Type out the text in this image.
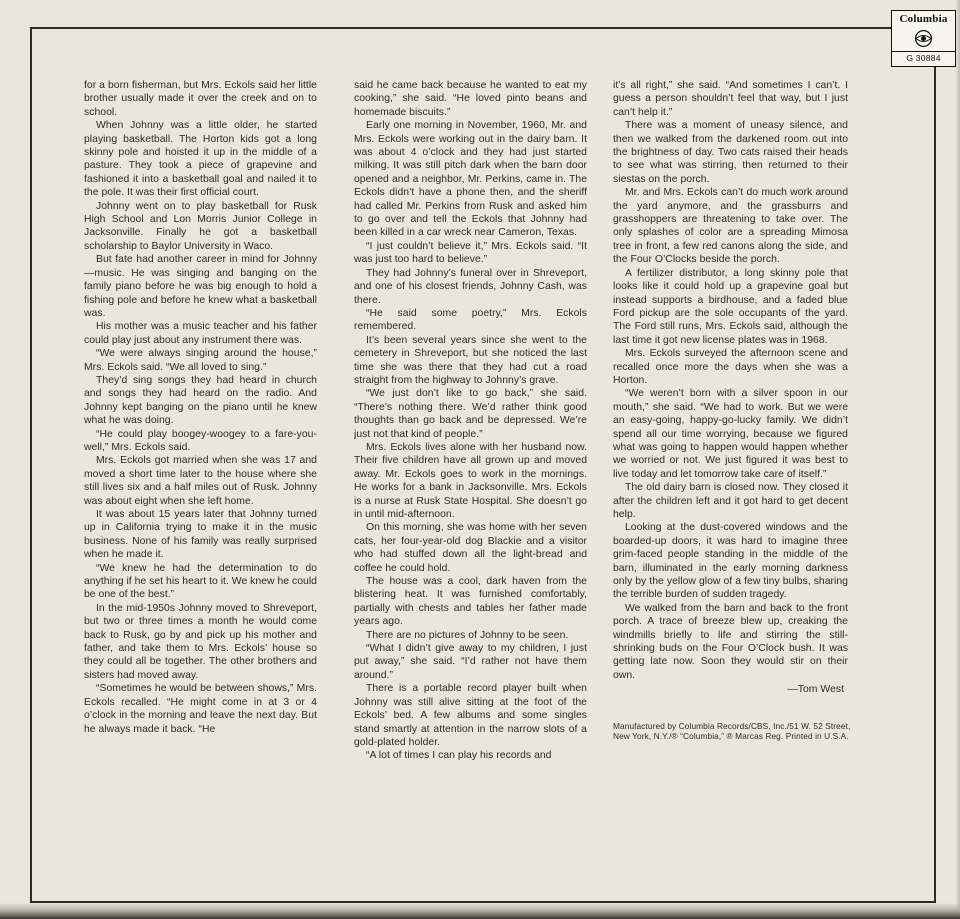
for a born fisherman, but Mrs. Eckols said her little brother usually made it over the creek and on to school.

When Johnny was a little older, he started playing basketball. The Horton kids got a long skinny pole and hoisted it up in the middle of a pasture. They took a piece of grapevine and fashioned it into a basketball goal and nailed it to the pole. It was their first official court.

Johnny went on to play basketball for Rusk High School and Lon Morris Junior College in Jacksonville. Finally he got a basketball scholarship to Baylor University in Waco.

But fate had another career in mind for Johnny—music. He was singing and banging on the family piano before he was big enough to hold a fishing pole and before he knew what a basketball was.

His mother was a music teacher and his father could play just about any instrument there was.

“We were always singing around the house,” Mrs. Eckols said. “We all loved to sing.”

They’d sing songs they had heard in church and songs they had heard on the radio. And Johnny kept banging on the piano until he knew what he was doing.

“He could play boogey-woogey to a fare-you-well,” Mrs. Eckols said.

Mrs. Eckols got married when she was 17 and moved a short time later to the house where she still lives six and a half miles out of Rusk. Johnny was about eight when she left home.

It was about 15 years later that Johnny turned up in California trying to make it in the music business. None of his family was really surprised when he made it.

“We knew he had the determination to do anything if he set his heart to it. We knew he could be one of the best.”

In the mid-1950s Johnny moved to Shreveport, but two or three times a month he would come back to Rusk, go by and pick up his mother and father, and take them to Mrs. Eckols’ house so they could all be together. The other brothers and sisters had moved away.

“Sometimes he would be between shows,” Mrs. Eckols recalled. “He might come in at 3 or 4 o’clock in the morning and leave the next day. But he always made it back. “He

said he came back because he wanted to eat my cooking,” she said. “He loved pinto beans and homemade biscuits.”

Early one morning in November, 1960, Mr. and Mrs. Eckols were working out in the dairy barn. It was about 4 o’clock and they had just started milking. It was still pitch dark when the barn door opened and a neighbor, Mr. Perkins, came in. The Eckols didn’t have a phone then, and the sheriff had called Mr. Perkins from Rusk and asked him to go over and tell the Eckols that Johnny had been killed in a car wreck near Cameron, Texas.

“I just couldn’t believe it,” Mrs. Eckols said. “It was just too hard to believe.”

They had Johnny’s funeral over in Shreveport, and one of his closest friends, Johnny Cash, was there.

“He said some poetry,” Mrs. Eckols remembered.

It’s been several years since she went to the cemetery in Shreveport, but she noticed the last time she was there that they had cut a road straight from the highway to Johnny’s grave.

“We just don’t like to go back,” she said. “There’s nothing there. We’d rather think good thoughts than go back and be depressed. We’re just not that kind of people.”

Mrs. Eckols lives alone with her husband now. Their five children have all grown up and moved away. Mr. Eckols goes to work in the mornings. He works for a bank in Jacksonville. Mrs. Eckols is a nurse at Rusk State Hospital. She doesn’t go in until mid-afternoon.

On this morning, she was home with her seven cats, her four-year-old dog Blackie and a visitor who had stuffed down all the light-bread and coffee he could hold.

The house was a cool, dark haven from the blistering heat. It was furnished comfortably, partially with chests and tables her father made years ago.

There are no pictures of Johnny to be seen.

“What I didn’t give away to my children, I just put away,” she said. “I’d rather not have them around.”

There is a portable record player built when Johnny was still alive sitting at the foot of the Eckols’ bed. A few albums and some singles stand smartly at attention in the narrow slots of a gold-plated holder.

“A lot of times I can play his records and

it’s all right,” she said. “And sometimes I can’t. I guess a person shouldn’t feel that way, but I just can’t help it.”

There was a moment of uneasy silence, and then we walked from the darkened room out into the brightness of day. Two cats raised their heads to see what was stirring, then returned to their siestas on the porch.

Mr. and Mrs. Eckols can’t do much work around the yard anymore, and the grassburrs and grasshoppers are threatening to take over. The only splashes of color are a spreading Mimosa tree in front, a few red canons along the side, and the Four O’Clocks beside the porch.

A fertilizer distributor, a long skinny pole that looks like it could hold up a grapevine goal but instead supports a birdhouse, and a faded blue Ford pickup are the sole occupants of the yard. The Ford still runs, Mrs. Eckols said, although the last time it got new license plates was in 1968.

Mrs. Eckols surveyed the afternoon scene and recalled once more the days when she was a Horton.

“We weren’t born with a silver spoon in our mouth,” she said. “We had to work. But we were an easy-going, happy-go-lucky family. We didn’t spend all our time worrying, because we figured what was going to happen would happen whether we worried or not. We just figured it was best to live today and let tomorrow take care of itself.”

The old dairy barn is closed now. They closed it after the children left and it got hard to get decent help.

Looking at the dust-covered windows and the boarded-up doors, it was hard to imagine three grim-faced people standing in the middle of the barn, illuminated in the early morning darkness only by the yellow glow of a few tiny bulbs, sharing the terrible burden of sudden tragedy.

We walked from the barn and back to the front porch. A trace of breeze blew up, creaking the windmills briefly to life and stirring the still-shrinking buds on the Four O’Clock bush. It was getting late now. Soon they would stir on their own.

—Tom West
Manufactured by Columbia Records/CBS, Inc./51 W. 52 Street, New York, N.Y./® “Columbia,” ® Marcas Reg. Printed in U.S.A.
Columbia
G 30884
